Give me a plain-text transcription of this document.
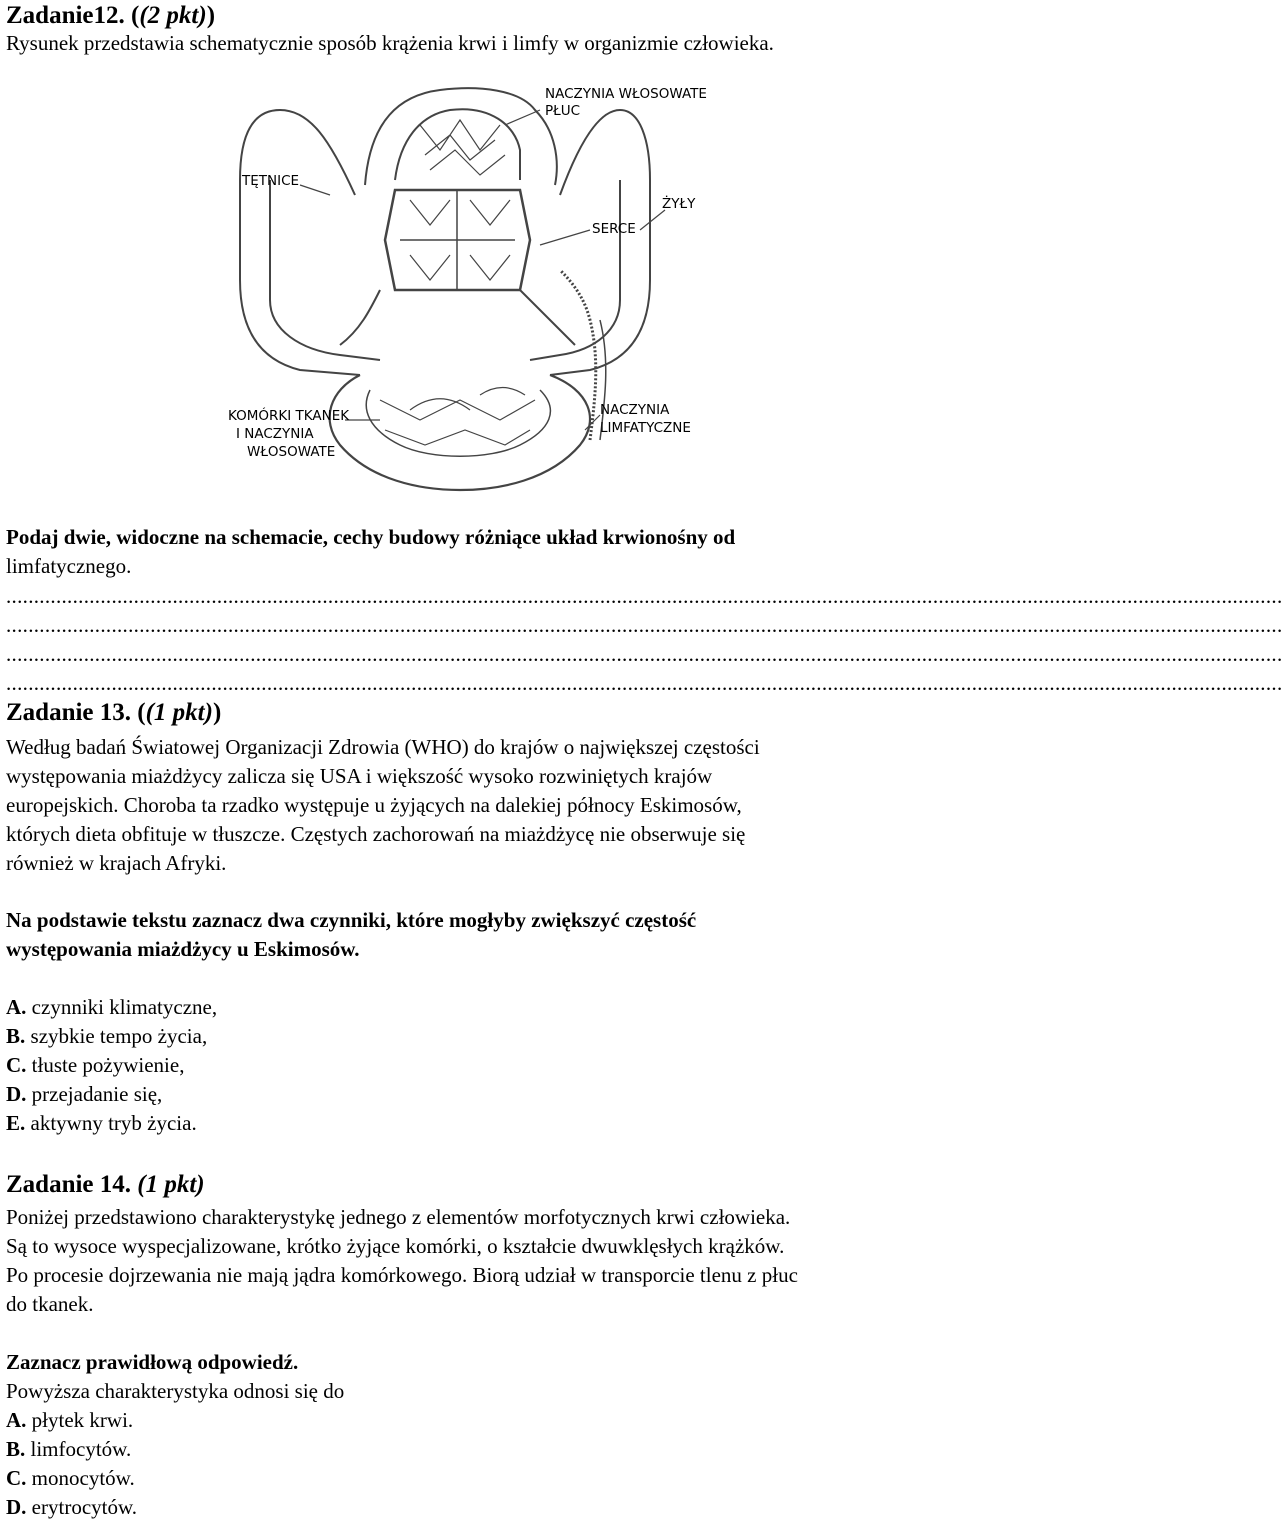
Zadanie12. ((2 pkt))
Rysunek przedstawia schematycznie sposób krążenia krwi i limfy w organizmie człowieka.
NACZYNIA WŁOSOWATE
PŁUC
TĘTNICE
ŻYŁY
SERCE
KOMÓRKI TKANEK
I NACZYNIA
WŁOSOWATE
NACZYNIA
LIMFATYCZNE
Podaj dwie, widoczne na schemacie, cechy budowy różniące układ krwionośny od
limfatycznego.
......................................................................................................................................................................................................................................
......................................................................................................................................................................................................................................
......................................................................................................................................................................................................................................
......................................................................................................................................................................................................................................
Zadanie 13. ((1 pkt))
Według badań Światowej Organizacji Zdrowia (WHO) do krajów o największej częstości
występowania miażdżycy zalicza się USA i większość wysoko rozwiniętych krajów
europejskich. Choroba ta rzadko występuje u żyjących na dalekiej północy Eskimosów,
których dieta obfituje w tłuszcze. Częstych zachorowań na miażdżycę nie obserwuje się
również w krajach Afryki.
Na podstawie tekstu zaznacz dwa czynniki, które mogłyby zwiększyć częstość
występowania miażdżycy u Eskimosów.
A. czynniki klimatyczne,
B. szybkie tempo życia,
C. tłuste pożywienie,
D. przejadanie się,
E. aktywny tryb życia.
Zadanie 14. (1 pkt)
Poniżej przedstawiono charakterystykę jednego z elementów morfotycznych krwi człowieka.
Są to wysoce wyspecjalizowane, krótko żyjące komórki, o kształcie dwuwklęsłych krążków.
Po procesie dojrzewania nie mają jądra komórkowego. Biorą udział w transporcie tlenu z płuc
do tkanek.
Zaznacz prawidłową odpowiedź.
Powyższa charakterystyka odnosi się do
A. płytek krwi.
B. limfocytów.
C. monocytów.
D. erytrocytów.
